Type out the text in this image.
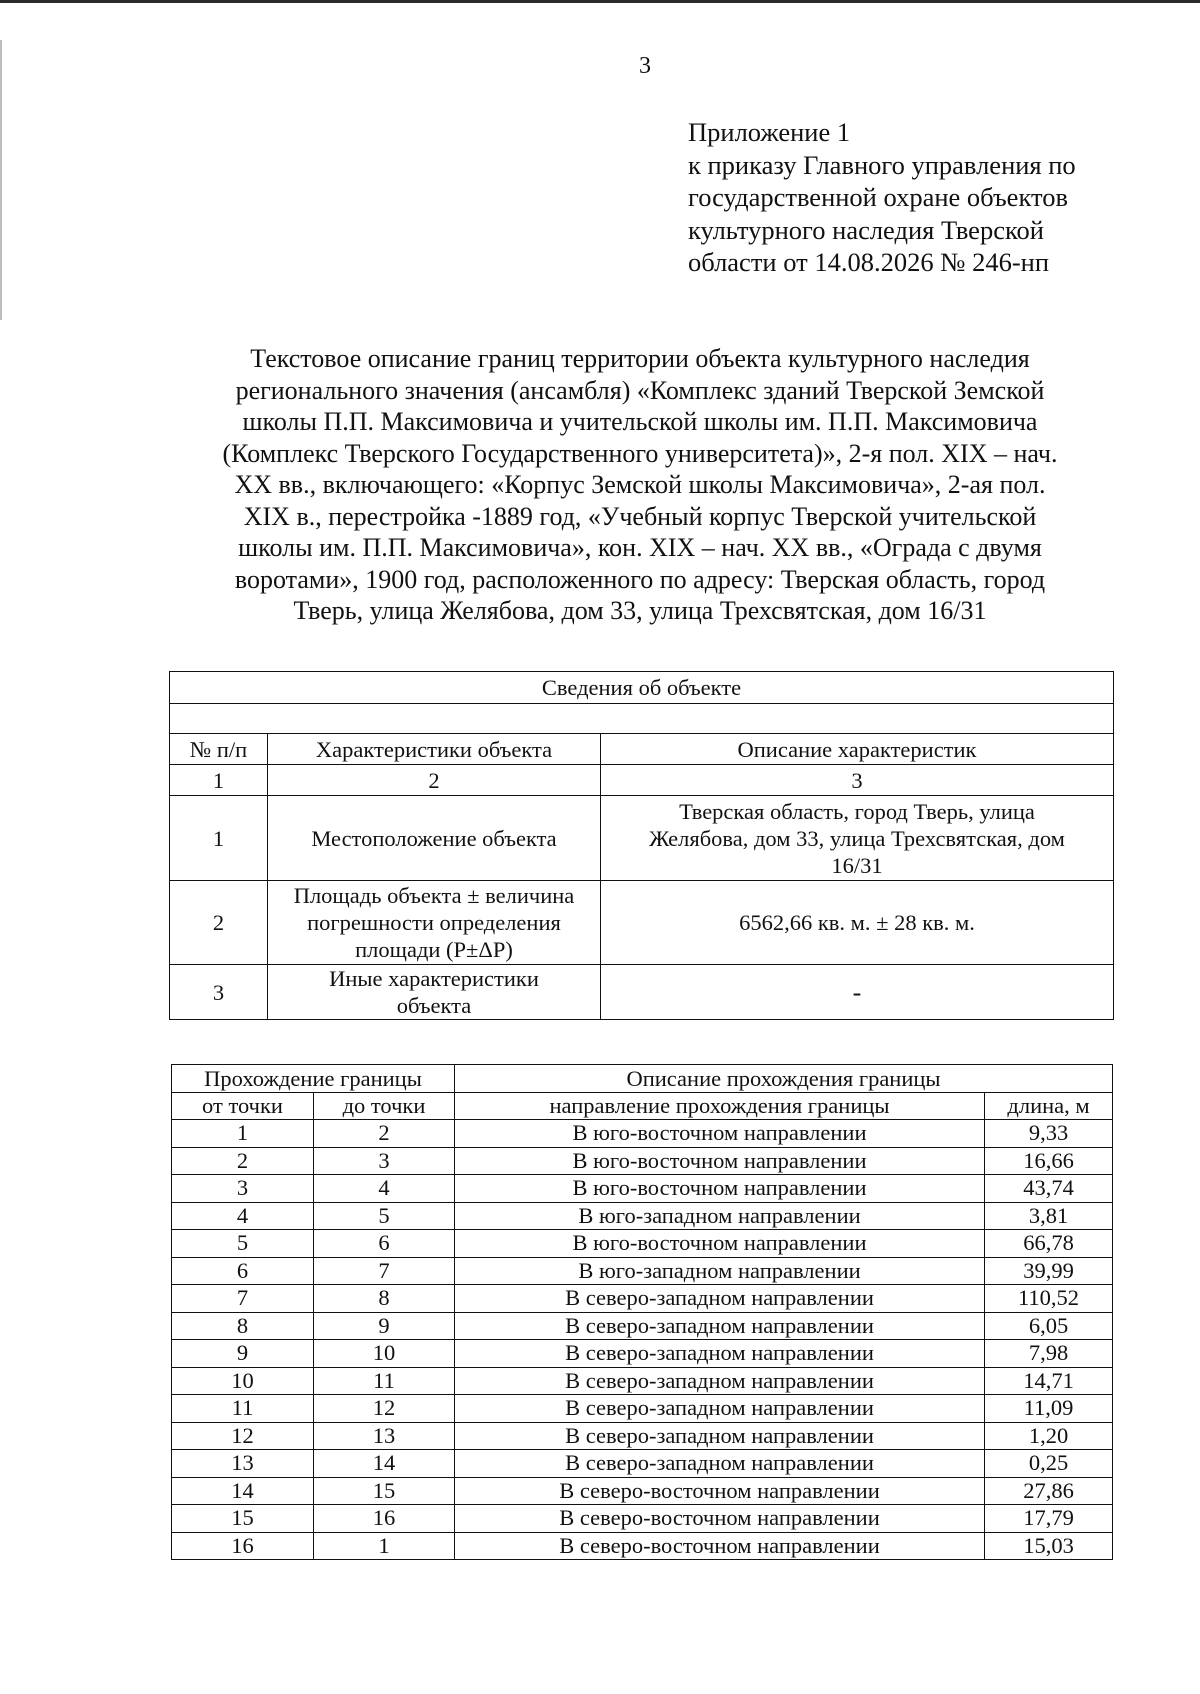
3
Приложение 1
к приказу Главного управления по
государственной охране объектов
культурного наследия Тверской
области от 14.08.2026 № 246-нп
Текстовое описание границ территории объекта культурного наследия
регионального значения (ансамбля) «Комплекс зданий Тверской Земской
школы П.П. Максимовича и учительской школы им. П.П. Максимовича
(Комплекс Тверского Государственного университета)», 2-я пол. XIX – нач.
XX вв., включающего: «Корпус Земской школы Максимовича», 2-ая пол.
XIX в., перестройка -1889 год, «Учебный корпус Тверской учительской
школы им. П.П. Максимовича», кон. XIX – нач. XX вв., «Ограда с двумя
воротами», 1900 год, расположенного по адресу: Тверская область, город
Тверь, улица Желябова, дом 33, улица Трехсвятская, дом 16/31
Сведения об объекте		

№ п/п	Характеристики объекта	Описание характеристик
1	2	3
1	Местоположение объекта	Тверская область, город Тверь, улица
Желябова, дом 33, улица Трехсвятская, дом
16/31

2	Площадь объекта ± величина
погрешности определения
площади (Р±ΔР)	6562,66 кв. м. ± 28 кв. м.

3	Иные характеристики
объекта	-
Прохождение границы		Описание прохождения границы	
от точки	до точки	направление прохождения границы	длина, м
1	2	В юго-восточном направлении	9,33
2	3	В юго-восточном направлении	16,66
3	4	В юго-восточном направлении	43,74
4	5	В юго-западном направлении	3,81
5	6	В юго-восточном направлении	66,78
6	7	В юго-западном направлении	39,99
7	8	В северо-западном направлении	110,52
8	9	В северо-западном направлении	6,05
9	10	В северо-западном направлении	7,98
10	11	В северо-западном направлении	14,71
11	12	В северо-западном направлении	11,09
12	13	В северо-западном направлении	1,20
13	14	В северо-западном направлении	0,25
14	15	В северо-восточном направлении	27,86
15	16	В северо-восточном направлении	17,79
16	1	В северо-восточном направлении	15,03
